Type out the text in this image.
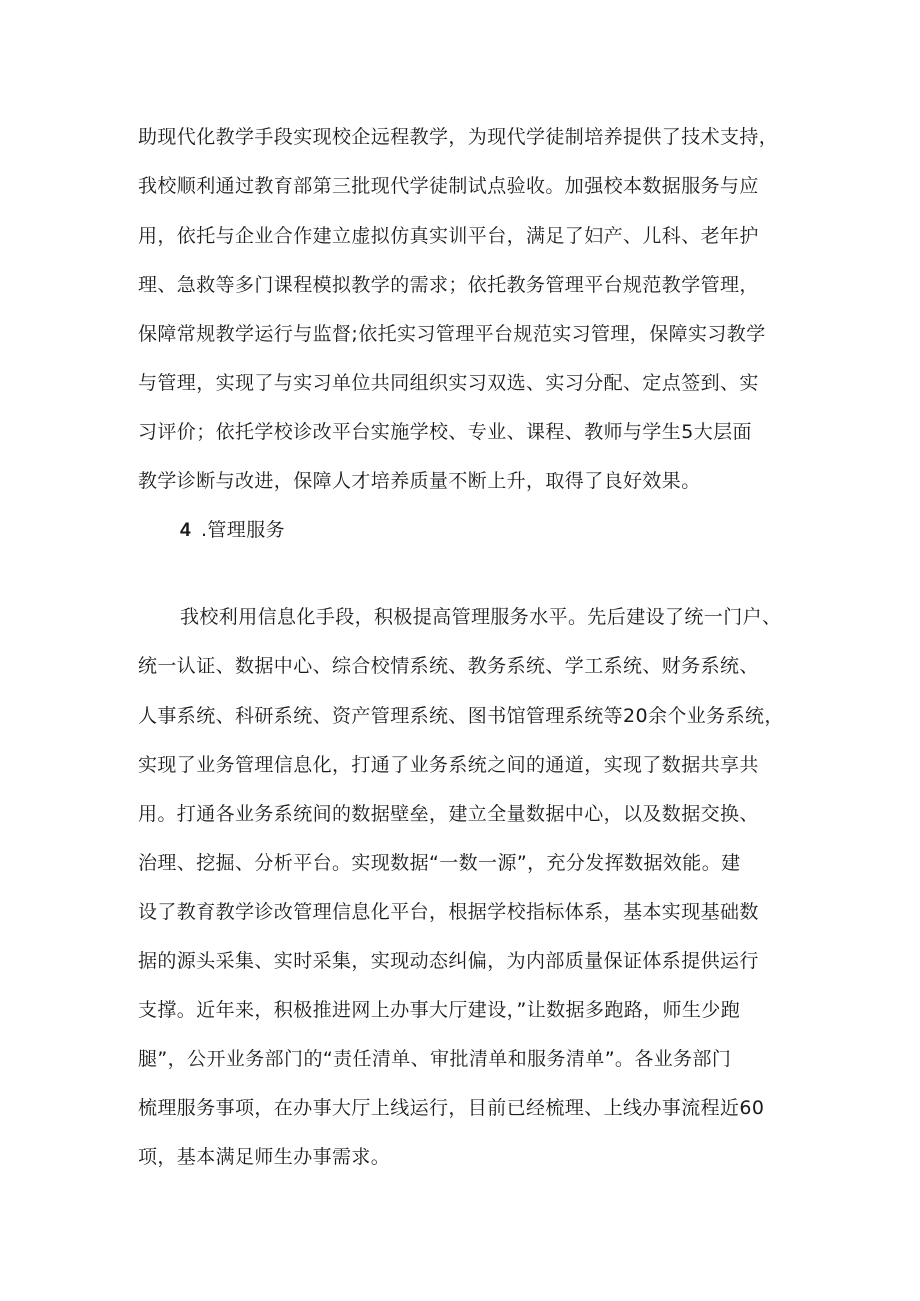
助现代化教学手段实现校企远程教学，为现代学徒制培养提供了技术支持，
我校顺利通过教育部第三批现代学徒制试点验收。加强校本数据服务与应
用，依托与企业合作建立虚拟仿真实训平台，满足了妇产、儿科、老年护
理、急救等多门课程模拟教学的需求；依托教务管理平台规范教学管理，
保障常规教学运行与监督;依托实习管理平台规范实习管理，保障实习教学
与管理，实现了与实习单位共同组织实习双选、实习分配、定点签到、实
习评价；依托学校诊改平台实施学校、专业、课程、教师与学生5大层面
教学诊断与改进，保障人才培养质量不断上升，取得了良好效果。
4 .管理服务
我校利用信息化手段，积极提高管理服务水平。先后建设了统一门户、
统一认证、数据中心、综合校情系统、教务系统、学工系统、财务系统、
人事系统、科研系统、资产管理系统、图书馆管理系统等20余个业务系统，
实现了业务管理信息化，打通了业务系统之间的通道，实现了数据共享共
用。打通各业务系统间的数据壁垒，建立全量数据中心，以及数据交换、
治理、挖掘、分析平台。实现数据“一数一源”，充分发挥数据效能。建
设了教育教学诊改管理信息化平台，根据学校指标体系，基本实现基础数
据的源头采集、实时采集，实现动态纠偏，为内部质量保证体系提供运行
支撑。近年来，积极推进网上办事大厅建设，”让数据多跑路，师生少跑
腿”，公开业务部门的“责任清单、审批清单和服务清单”。各业务部门
梳理服务事项，在办事大厅上线运行，目前已经梳理、上线办事流程近60
项，基本满足师生办事需求。
